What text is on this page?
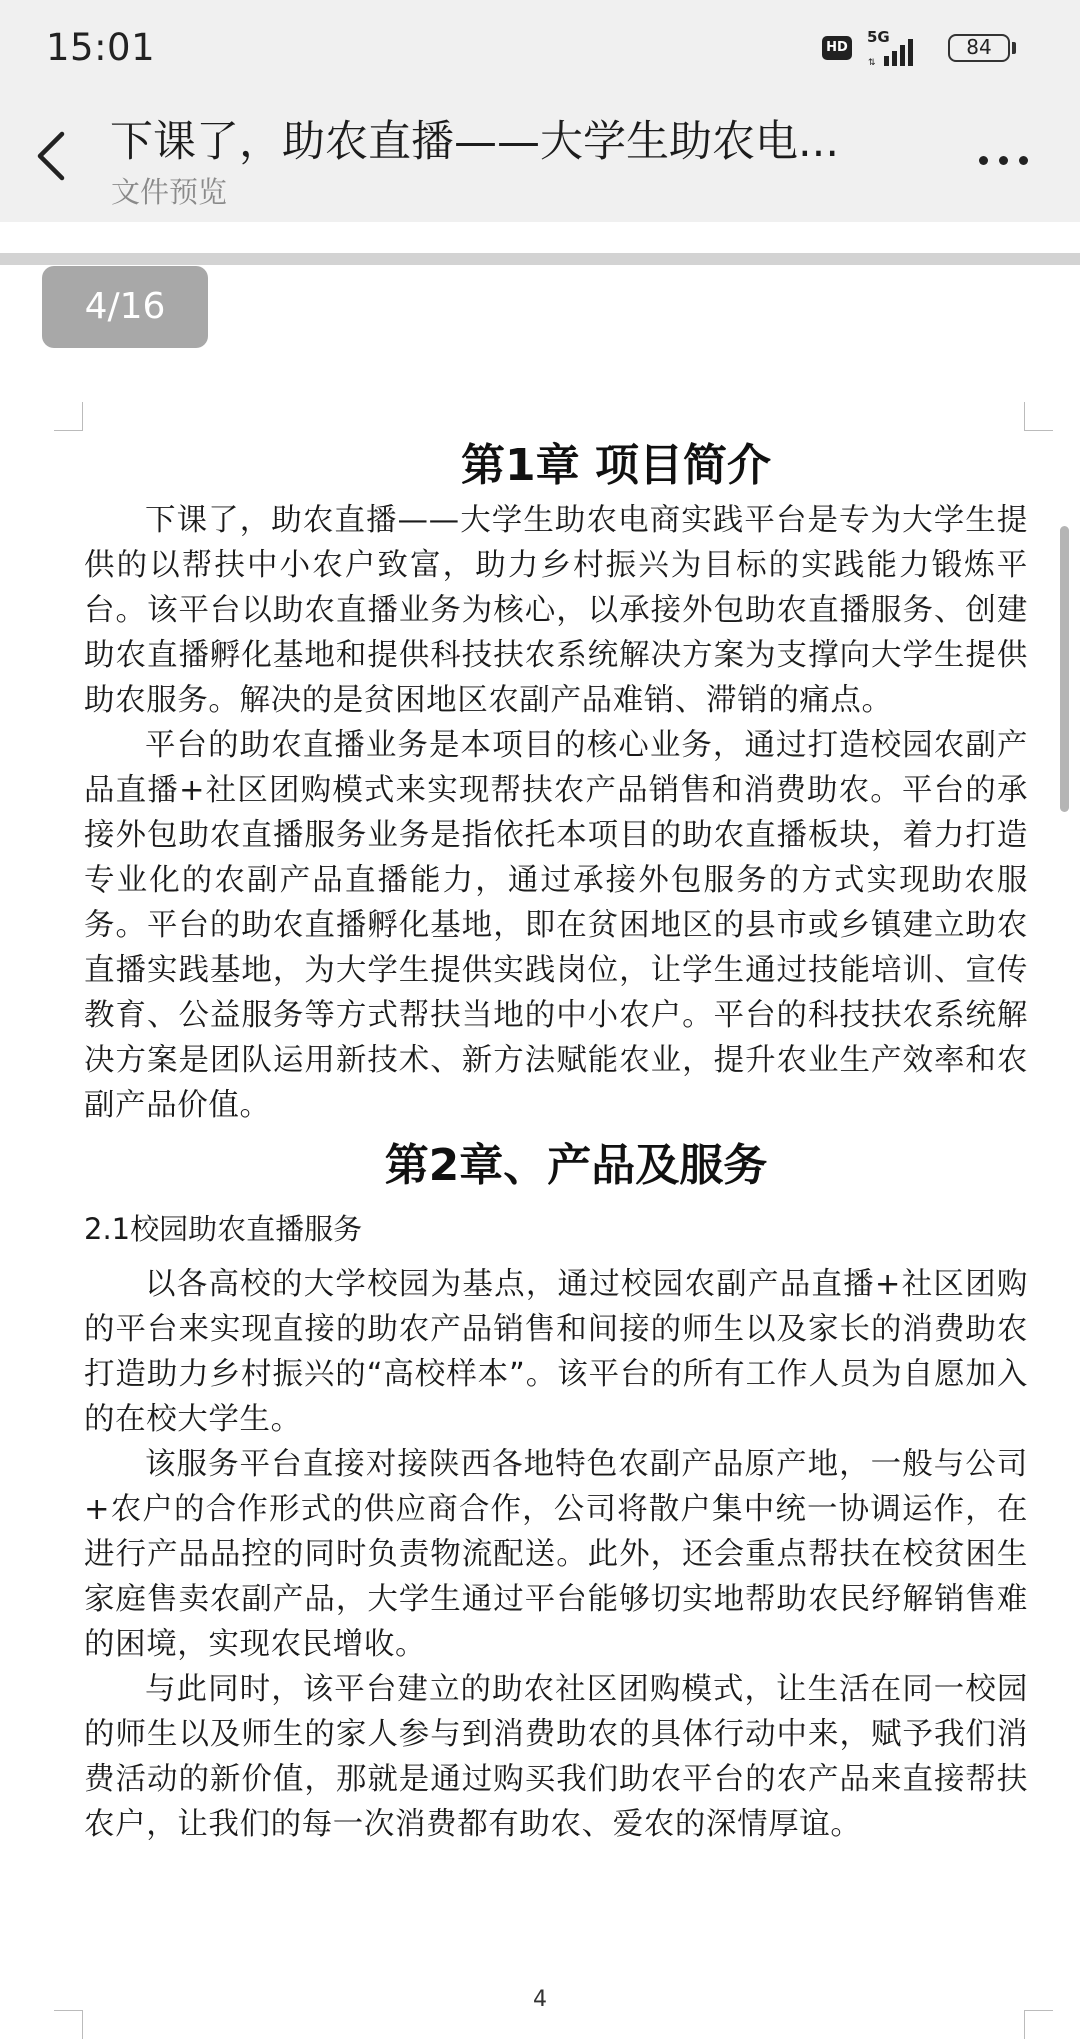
15:01	HD
5G
⇅
84
下课了，助农直播——大学生助农电...
文件预览
4/16
第1章 项目简介

下课了，助农直播——大学生助农电商实践平台是专为大学生提供的以帮扶中小农户致富，助力乡村振兴为目标的实践能力锻炼平台。该平台以助农直播业务为核心，以承接外包助农直播服务、创建助农直播孵化基地和提供科技扶农系统解决方案为支撑向大学生提供助农服务。解决的是贫困地区农副产品难销、滞销的痛点。

平台的助农直播业务是本项目的核心业务，通过打造校园农副产品直播+社区团购模式来实现帮扶农产品销售和消费助农。平台的承接外包助农直播服务业务是指依托本项目的助农直播板块，着力打造专业化的农副产品直播能力，通过承接外包服务的方式实现助农服务。平台的助农直播孵化基地，即在贫困地区的县市或乡镇建立助农直播实践基地，为大学生提供实践岗位，让学生通过技能培训、宣传教育、公益服务等方式帮扶当地的中小农户。平台的科技扶农系统解决方案是团队运用新技术、新方法赋能农业，提升农业生产效率和农副产品价值。

第2章、产品及服务
2.1校园助农直播服务

以各高校的大学校园为基点，通过校园农副产品直播+社区团购的平台来实现直接的助农产品销售和间接的师生以及家长的消费助农打造助力乡村振兴的“高校样本”。该平台的所有工作人员为自愿加入的在校大学生。

该服务平台直接对接陕西各地特色农副产品原产地，一般与公司+农户的合作形式的供应商合作，公司将散户集中统一协调运作，在进行产品品控的同时负责物流配送。此外，还会重点帮扶在校贫困生家庭售卖农副产品，大学生通过平台能够切实地帮助农民纾解销售难的困境，实现农民增收。

与此同时，该平台建立的助农社区团购模式，让生活在同一校园的师生以及师生的家人参与到消费助农的具体行动中来，赋予我们消费活动的新价值，那就是通过购买我们助农平台的农产品来直接帮扶农户，让我们的每一次消费都有助农、爱农的深情厚谊。

4
